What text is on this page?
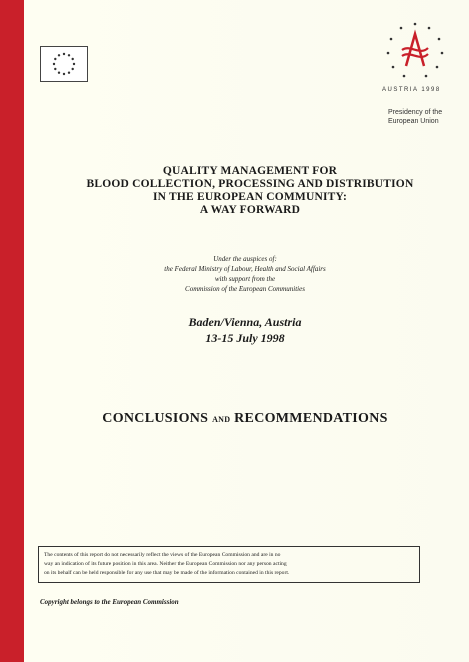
AUSTRIA 1998
Presidency of the
European Union
QUALITY MANAGEMENT FOR
BLOOD COLLECTION, PROCESSING AND DISTRIBUTION
IN THE EUROPEAN COMMUNITY:
A WAY FORWARD
Under the auspices of:
the Federal Ministry of Labour, Health and Social Affairs
with support from the
Commission of the European Communities
Baden/Vienna, Austria
13-15 July 1998
CONCLUSIONS AND RECOMMENDATIONS
The contents of this report do not necessarily reflect the views of the European Commission and are in no
way an indication of its future position in this area. Neither the European Commission nor any person acting
on its behalf can be held responsible for any use that may be made of the information contained in this report.
Copyright belongs to the European Commission
